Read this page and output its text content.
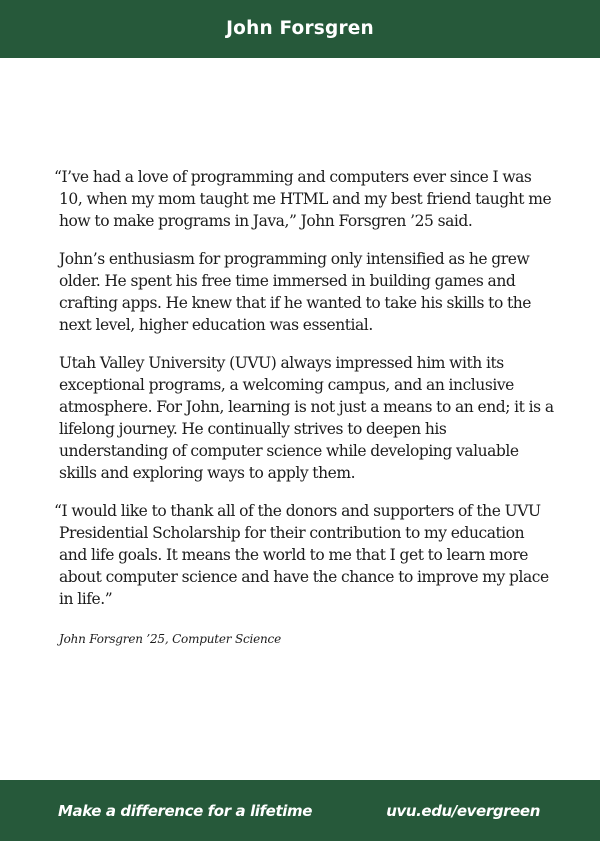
John Forsgren

“I’ve had a love of programming and computers ever since I was 10, when my mom taught me HTML and my best friend taught me how to make programs in Java,” John Forsgren ’25 said.

John’s enthusiasm for programming only intensified as he grew older. He spent his free time immersed in building games and crafting apps. He knew that if he wanted to take his skills to the next level, higher education was essential.

Utah Valley University (UVU) always impressed him with its exceptional programs, a welcoming campus, and an inclusive atmosphere. For John, learning is not just a means to an end; it is a lifelong journey. He continually strives to deepen his understanding of computer science while developing valuable skills and exploring ways to apply them.

“I would like to thank all of the donors and supporters of the UVU Presidential Scholarship for their contribution to my education and life goals. It means the world to me that I get to learn more about computer science and have the chance to improve my place in life.”

John Forsgren ’25, Computer Science

Make a difference for a lifetime	uvu.edu/evergreen
